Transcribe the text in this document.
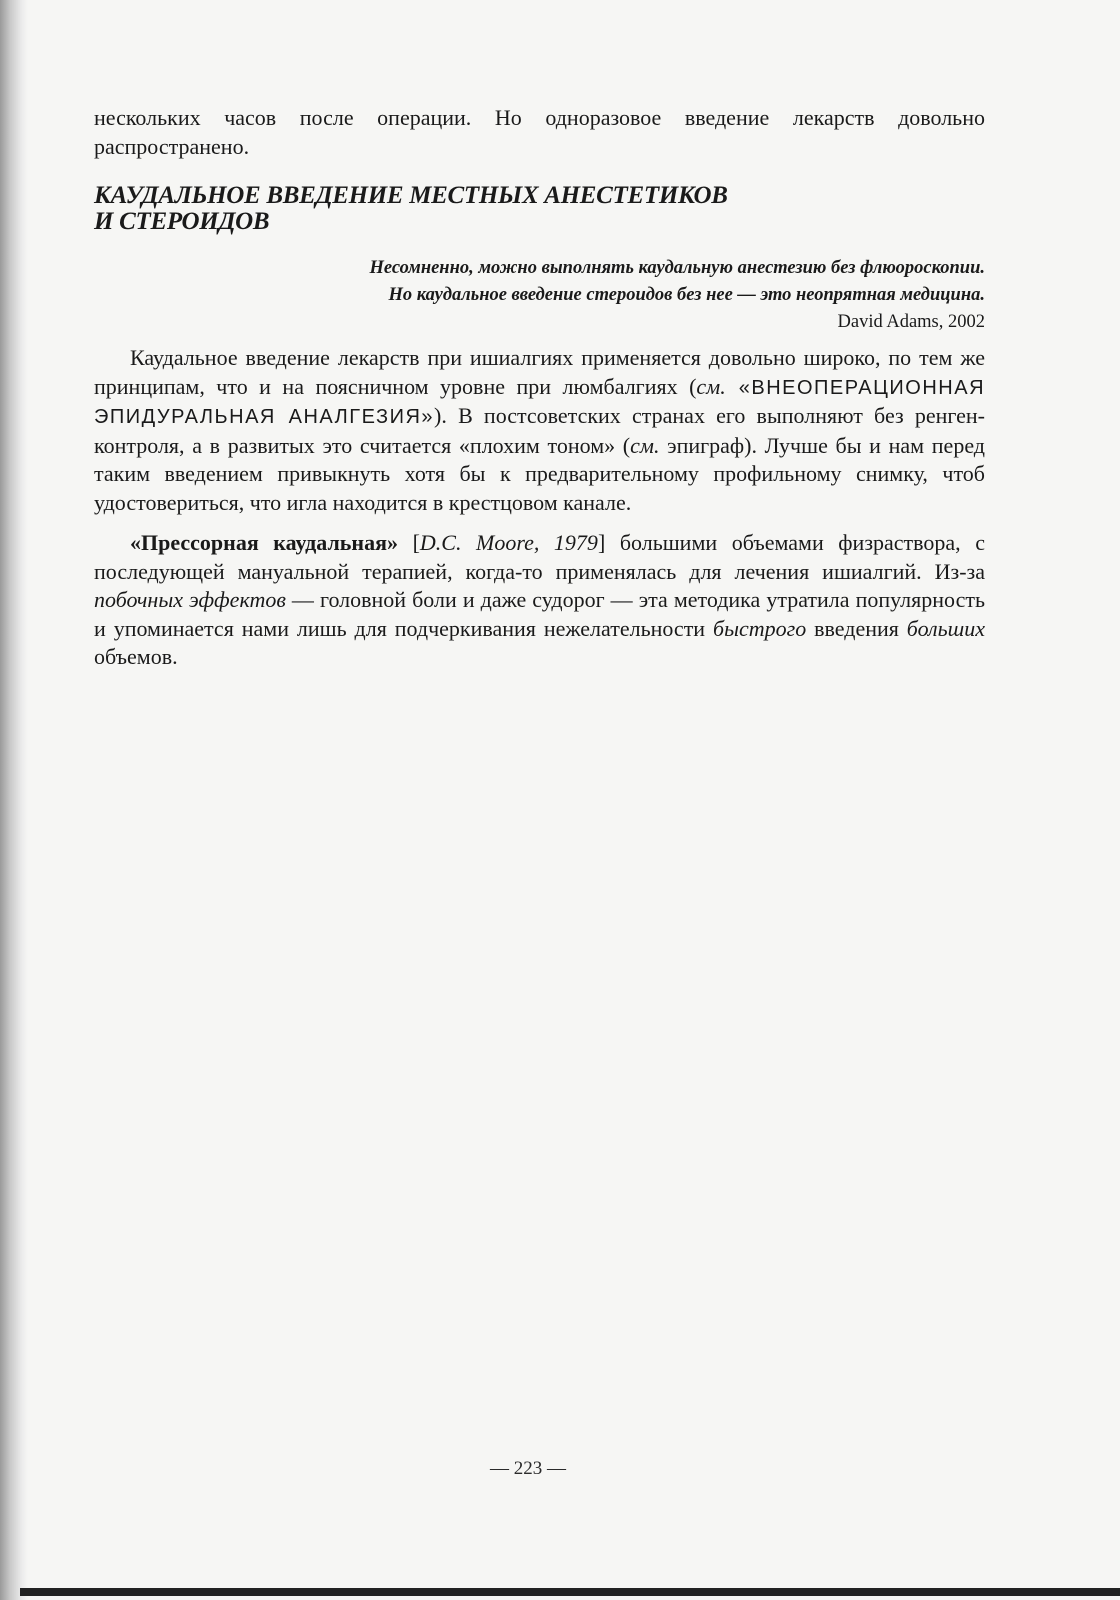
нескольких часов после операции. Но одноразовое введение лекарств довольно распространено.

КАУДАЛЬНОЕ ВВЕДЕНИЕ МЕСТНЫХ АНЕСТЕТИКОВ
И СТЕРОИДОВ
Несомненно, можно выполнять каудальную анестезию без флюороскопии.
Но каудальное введение стероидов без нее — это неопрятная медицина.
David Adams, 2002

Каудальное введение лекарств при ишиалгиях применяется довольно широко, по тем же принципам, что и на поясничном уровне при люмбалгиях (см. «ВНЕОПЕРАЦИОННАЯ ЭПИДУРАЛЬНАЯ АНАЛГЕЗИЯ»). В постсоветских странах его выполняют без ренген-контроля, а в развитых это считается «плохим тоном» (см. эпиграф). Лучше бы и нам перед таким введением привыкнуть хотя бы к предварительному профильному снимку, чтоб удостовериться, что игла находится в крестцовом канале.

«Прессорная каудальная» [D.C. Moore, 1979] большими объемами физраствора, с последующей мануальной терапией, когда-то применялась для лечения ишиалгий. Из-за побочных эффектов — головной боли и даже судорог — эта методика утратила популярность и упоминается нами лишь для подчеркивания нежелательности быстрого введения больших объемов.

— 223 —
